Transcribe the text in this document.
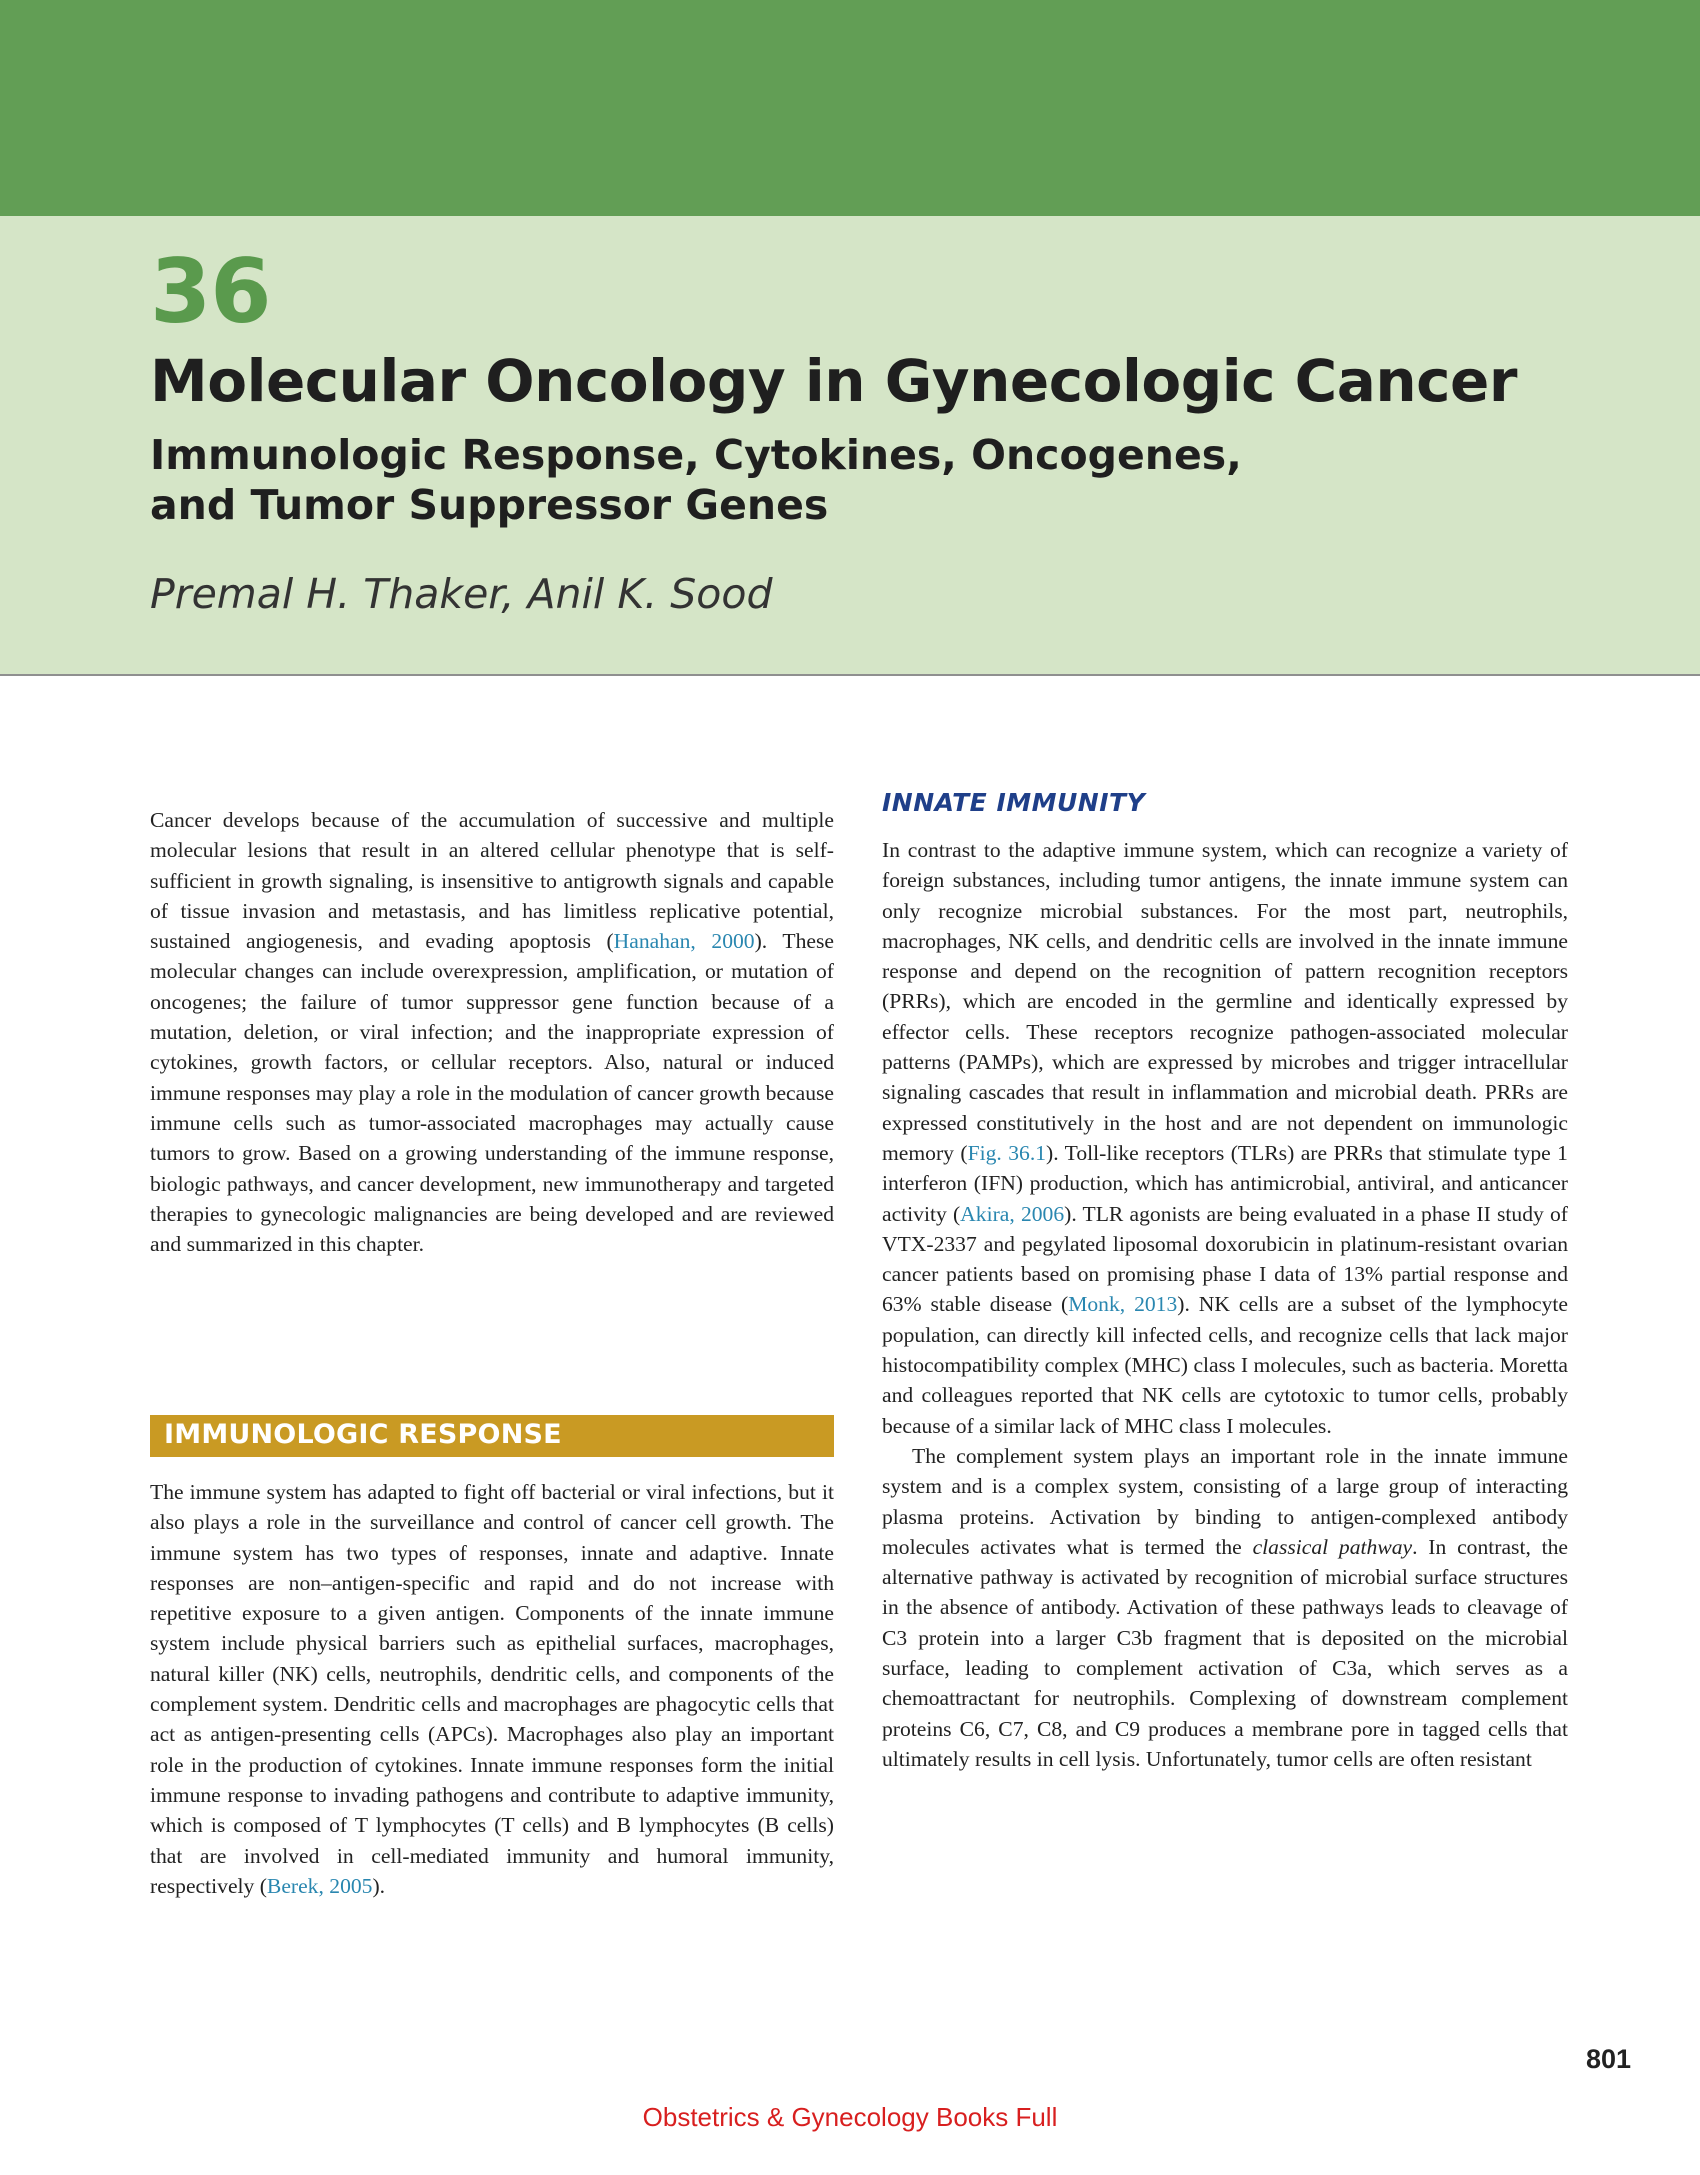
36
Molecular Oncology in Gynecologic Cancer
Immunologic Response, Cytokines, Oncogenes,
and Tumor Suppressor Genes
Premal H. Thaker, Anil K. Sood

Cancer develops because of the accumulation of successive and multiple molecular lesions that result in an altered cellular phenotype that is self-sufficient in growth signaling, is insensitive to antigrowth signals and capable of tissue invasion and metastasis, and has limitless replicative potential, sustained angiogenesis, and evading apoptosis (Hanahan, 2000). These molecular changes can include overexpression, amplification, or mutation of oncogenes; the failure of tumor suppressor gene function because of a mutation, deletion, or viral infection; and the inappropriate expression of cytokines, growth factors, or cellular receptors. Also, natural or induced immune responses may play a role in the modulation of cancer growth because immune cells such as tumor-associated macrophages may actually cause tumors to grow. Based on a growing understanding of the immune response, biologic pathways, and cancer development, new immunotherapy and targeted therapies to gynecologic malignancies are being developed and are reviewed and summarized in this chapter.

IMMUNOLOGIC RESPONSE

The immune system has adapted to fight off bacterial or viral infections, but it also plays a role in the surveillance and control of cancer cell growth. The immune system has two types of responses, innate and adaptive. Innate responses are non–antigen-specific and rapid and do not increase with repetitive exposure to a given antigen. Components of the innate immune system include physical barriers such as epithelial surfaces, macrophages, natural killer (NK) cells, neutrophils, dendritic cells, and components of the complement system. Dendritic cells and macrophages are phagocytic cells that act as antigen-presenting cells (APCs). Macrophages also play an important role in the production of cytokines. Innate immune responses form the initial immune response to invading pathogens and contribute to adaptive immunity, which is composed of T lymphocytes (T cells) and B lymphocytes (B cells) that are involved in cell-mediated immunity and humoral immunity, respectively (Berek, 2005).

INNATE IMMUNITY

In contrast to the adaptive immune system, which can recognize a variety of foreign substances, including tumor antigens, the innate immune system can only recognize microbial substances. For the most part, neutrophils, macrophages, NK cells, and dendritic cells are involved in the innate immune response and depend on the recognition of pattern recognition receptors (PRRs), which are encoded in the germline and identically expressed by effector cells. These receptors recognize pathogen-associated molecular patterns (PAMPs), which are expressed by microbes and trigger intracellular signaling cascades that result in inflammation and microbial death. PRRs are expressed constitutively in the host and are not dependent on immunologic memory (Fig. 36.1). Toll-like receptors (TLRs) are PRRs that stimulate type 1 interferon (IFN) production, which has antimicrobial, antiviral, and anticancer activity (Akira, 2006). TLR agonists are being evaluated in a phase II study of VTX-2337 and pegylated liposomal doxorubicin in platinum-resistant ovarian cancer patients based on promising phase I data of 13% partial response and 63% stable disease (Monk, 2013). NK cells are a subset of the lymphocyte population, can directly kill infected cells, and recognize cells that lack major histocompatibility complex (MHC) class I molecules, such as bacteria. Moretta and colleagues reported that NK cells are cytotoxic to tumor cells, probably because of a similar lack of MHC class I molecules.

The complement system plays an important role in the innate immune system and is a complex system, consisting of a large group of interacting plasma proteins. Activation by binding to antigen-complexed antibody molecules activates what is termed the classical pathway. In contrast, the alternative pathway is activated by recognition of microbial surface structures in the absence of antibody. Activation of these pathways leads to cleavage of C3 protein into a larger C3b fragment that is deposited on the microbial surface, leading to complement activation of C3a, which serves as a chemoattractant for neutrophils. Complexing of downstream complement proteins C6, C7, C8, and C9 produces a membrane pore in tagged cells that ultimately results in cell lysis. Unfortunately, tumor cells are often resistant

801
Obstetrics & Gynecology Books Full
